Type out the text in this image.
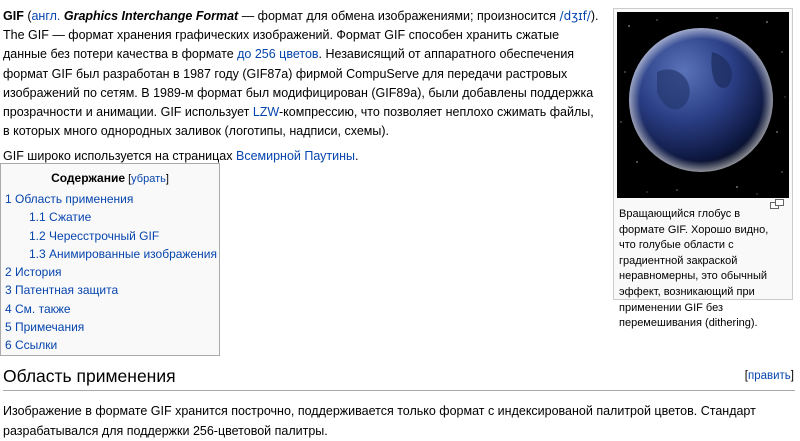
GIF (англ. Graphics Interchange Format — формат для обмена изображениями; произносится /dʒɪf/). The GIF — формат хранения графических изображений. Формат GIF способен хранить сжатые данные без потери качества в формате до 256 цветов. Независящий от аппаратного обеспечения формат GIF был разработан в 1987 году (GIF87a) фирмой CompuServe для передачи растровых изображений по сетям. В 1989-м формат был модифицирован (GIF89a), были добавлены поддержка прозрачности и анимации. GIF использует LZW-компрессию, что позволяет неплохо сжимать файлы, в которых много однородных заливок (логотипы, надписи, схемы).

GIF широко используется на страницах Всемирной Паутины.

Вращающийся глобус в формате GIF. Хорошо видно, что голубые области с градиентной закраской неравномерны, это обычный эффект, возникающий при применении GIF без перемешивания (dithering).
Содержание [убрать]
1 Область применения
1.1 Сжатие
1.2 Чересстрочный GIF
1.3 Анимированные изображения
2 История
3 Патентная защита
4 См. также
5 Примечания
6 Ссылки
Область применения	[править]
Изображение в формате GIF хранится построчно, поддерживается только формат с индексированой палитрой цветов. Стандарт разрабатывался для поддержки 256-цветовой палитры.
